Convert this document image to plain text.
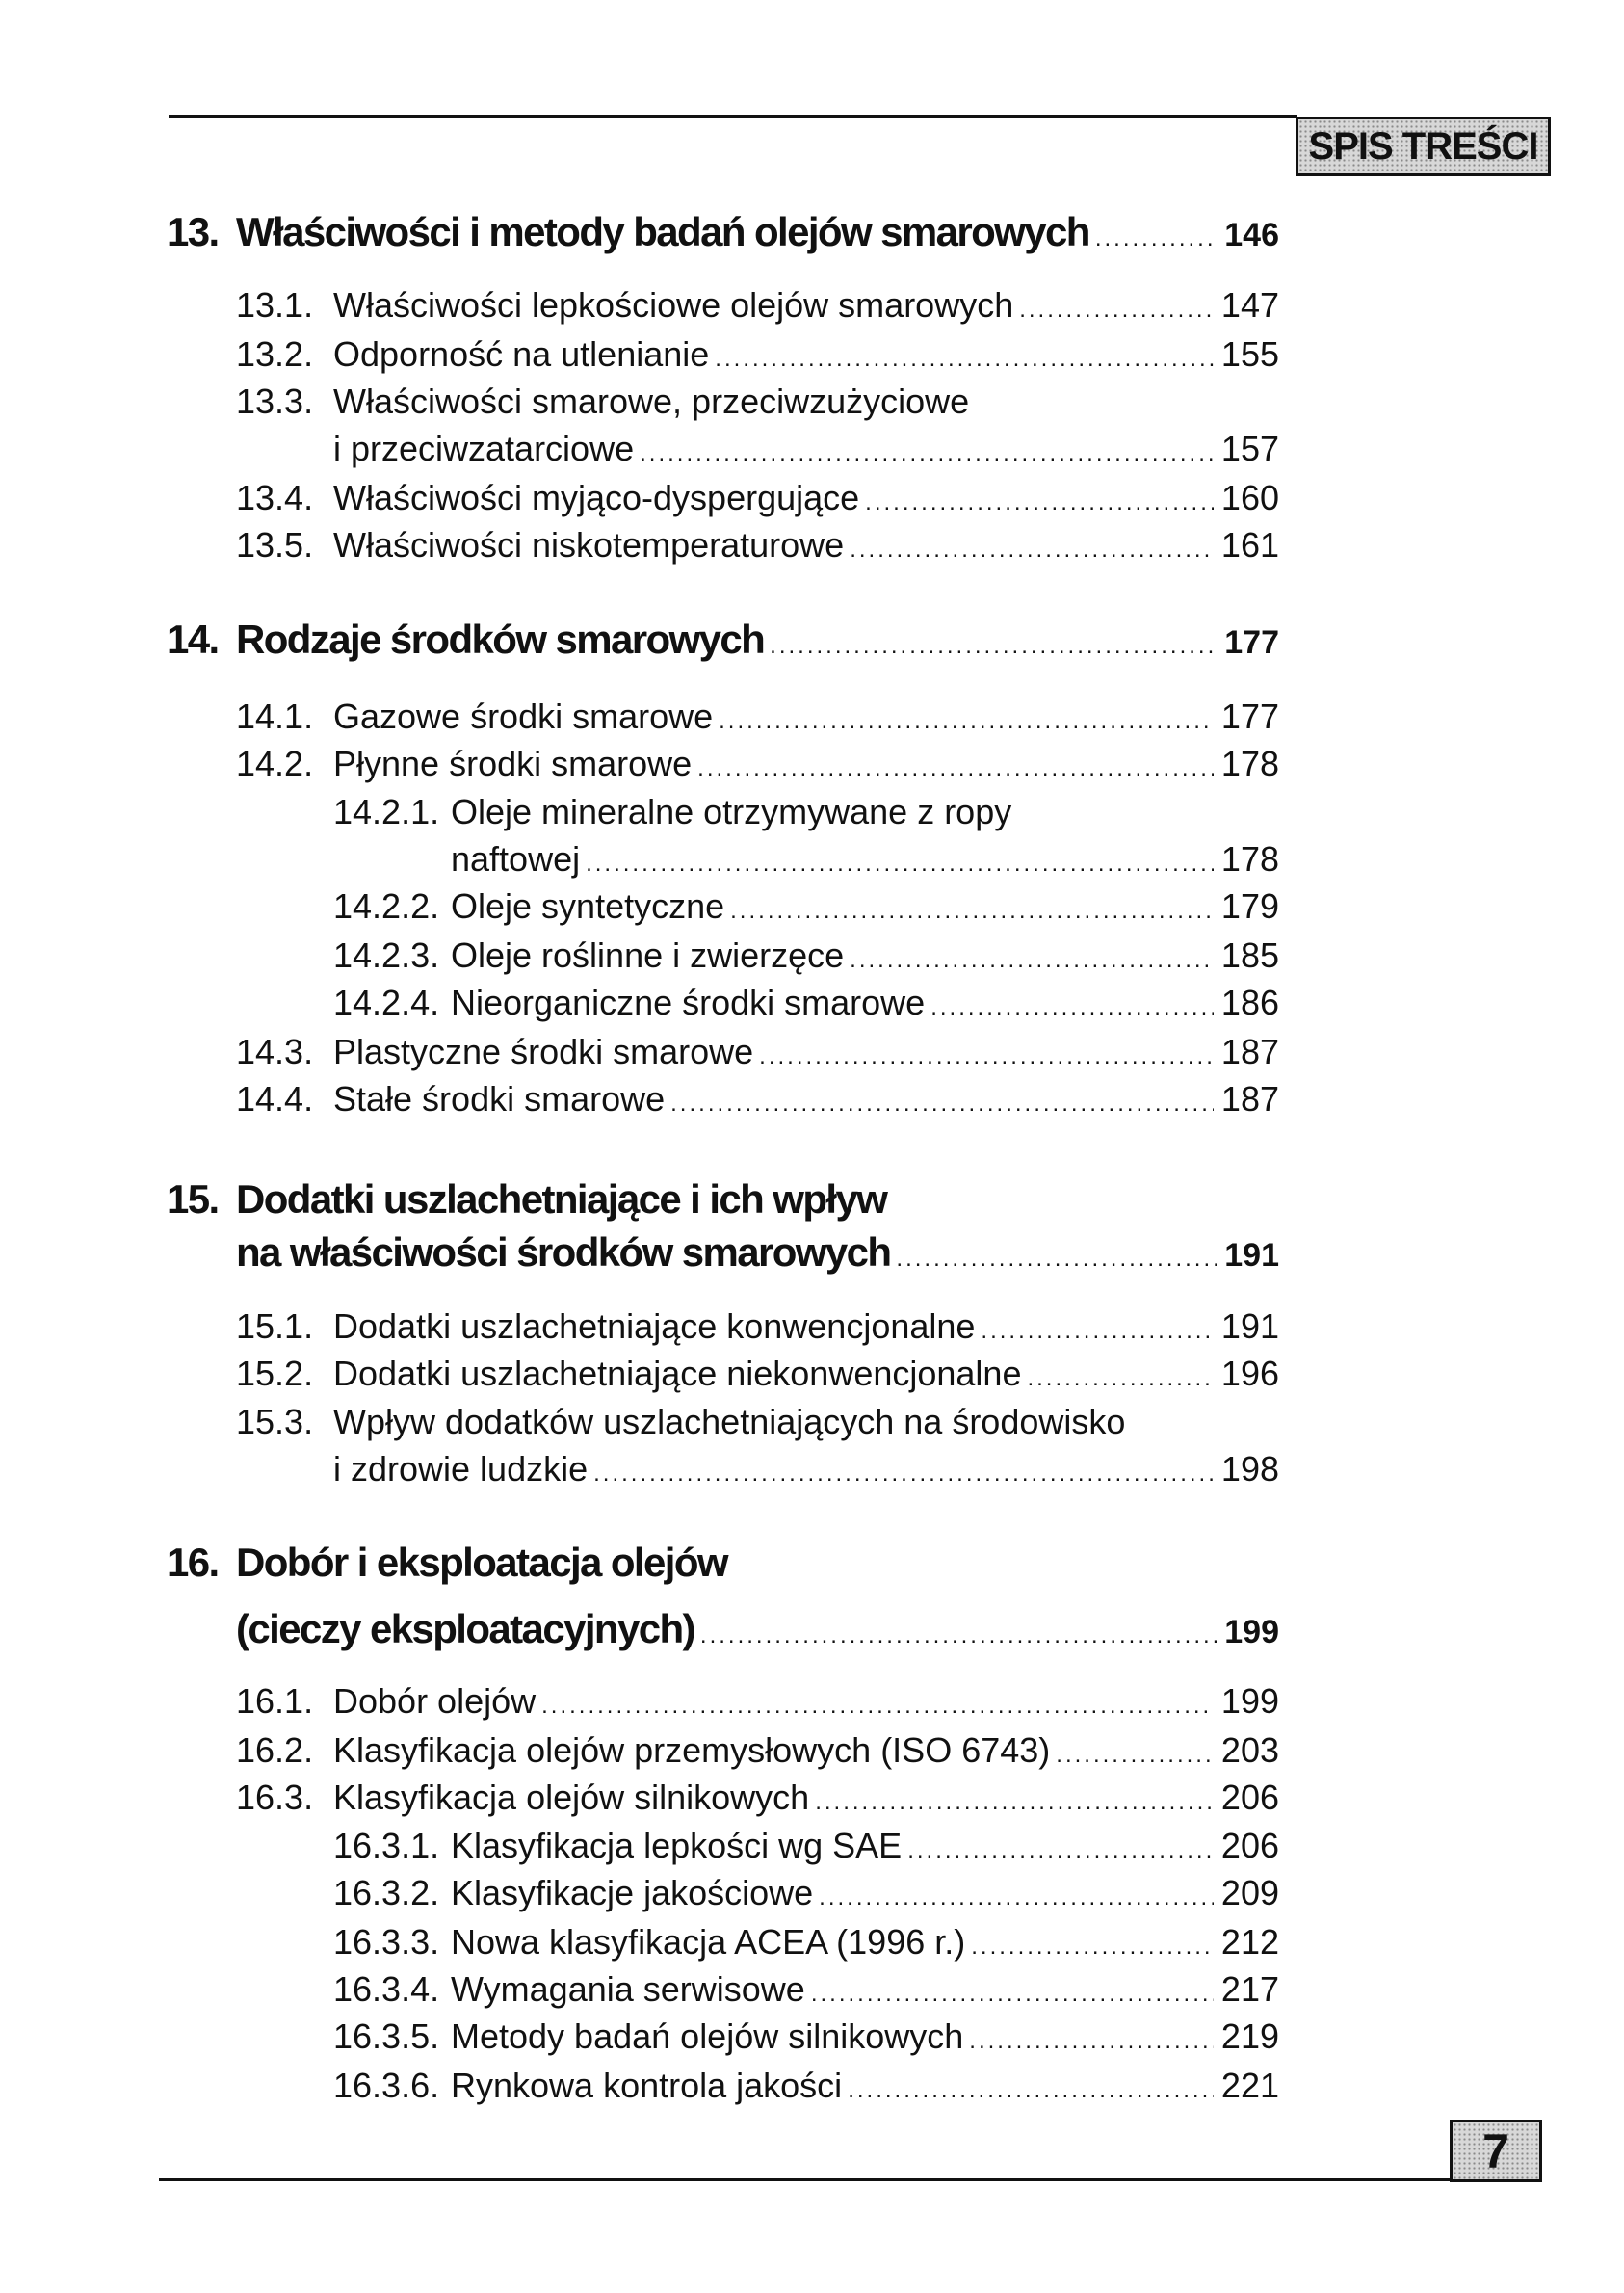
SPIS TREŚCI
13. Właściwości i metody badań olejów smarowych .....	146
13.1. Właściwości lepkościowe olejów smarowych .....	147
13.2. Odporność na utlenianie .....	155
13.3. Właściwości smarowe, przeciwzużyciowe
i przeciwzatarciowe .....	157
13.4. Właściwości myjąco-dyspergujące .....	160
13.5. Właściwości niskotemperaturowe .....	161
14. Rodzaje środków smarowych .....	177
14.1. Gazowe środki smarowe .....	177
14.2. Płynne środki smarowe .....	178
14.2.1. Oleje mineralne otrzymywane z ropy
naftowej .....	178
14.2.2. Oleje syntetyczne .....	179
14.2.3. Oleje roślinne i zwierzęce .....	185
14.2.4. Nieorganiczne środki smarowe .....	186
14.3. Plastyczne środki smarowe .....	187
14.4. Stałe środki smarowe .....	187
15. Dodatki uszlachetniające i ich wpływ
na właściwości środków smarowych .....	191
15.1. Dodatki uszlachetniające konwencjonalne .....	191
15.2. Dodatki uszlachetniające niekonwencjonalne .....	196
15.3. Wpływ dodatków uszlachetniających na środowisko
i zdrowie ludzkie .....	198
16. Dobór i eksploatacja olejów
(cieczy eksploatacyjnych) .....	199
16.1. Dobór olejów .....	199
16.2. Klasyfikacja olejów przemysłowych (ISO 6743) .....	203
16.3. Klasyfikacja olejów silnikowych .....	206
16.3.1. Klasyfikacja lepkości wg SAE .....	206
16.3.2. Klasyfikacje jakościowe .....	209
16.3.3. Nowa klasyfikacja ACEA (1996 r.) .....	212
16.3.4. Wymagania serwisowe .....	217
16.3.5. Metody badań olejów silnikowych .....	219
16.3.6. Rynkowa kontrola jakości .....	221
7
